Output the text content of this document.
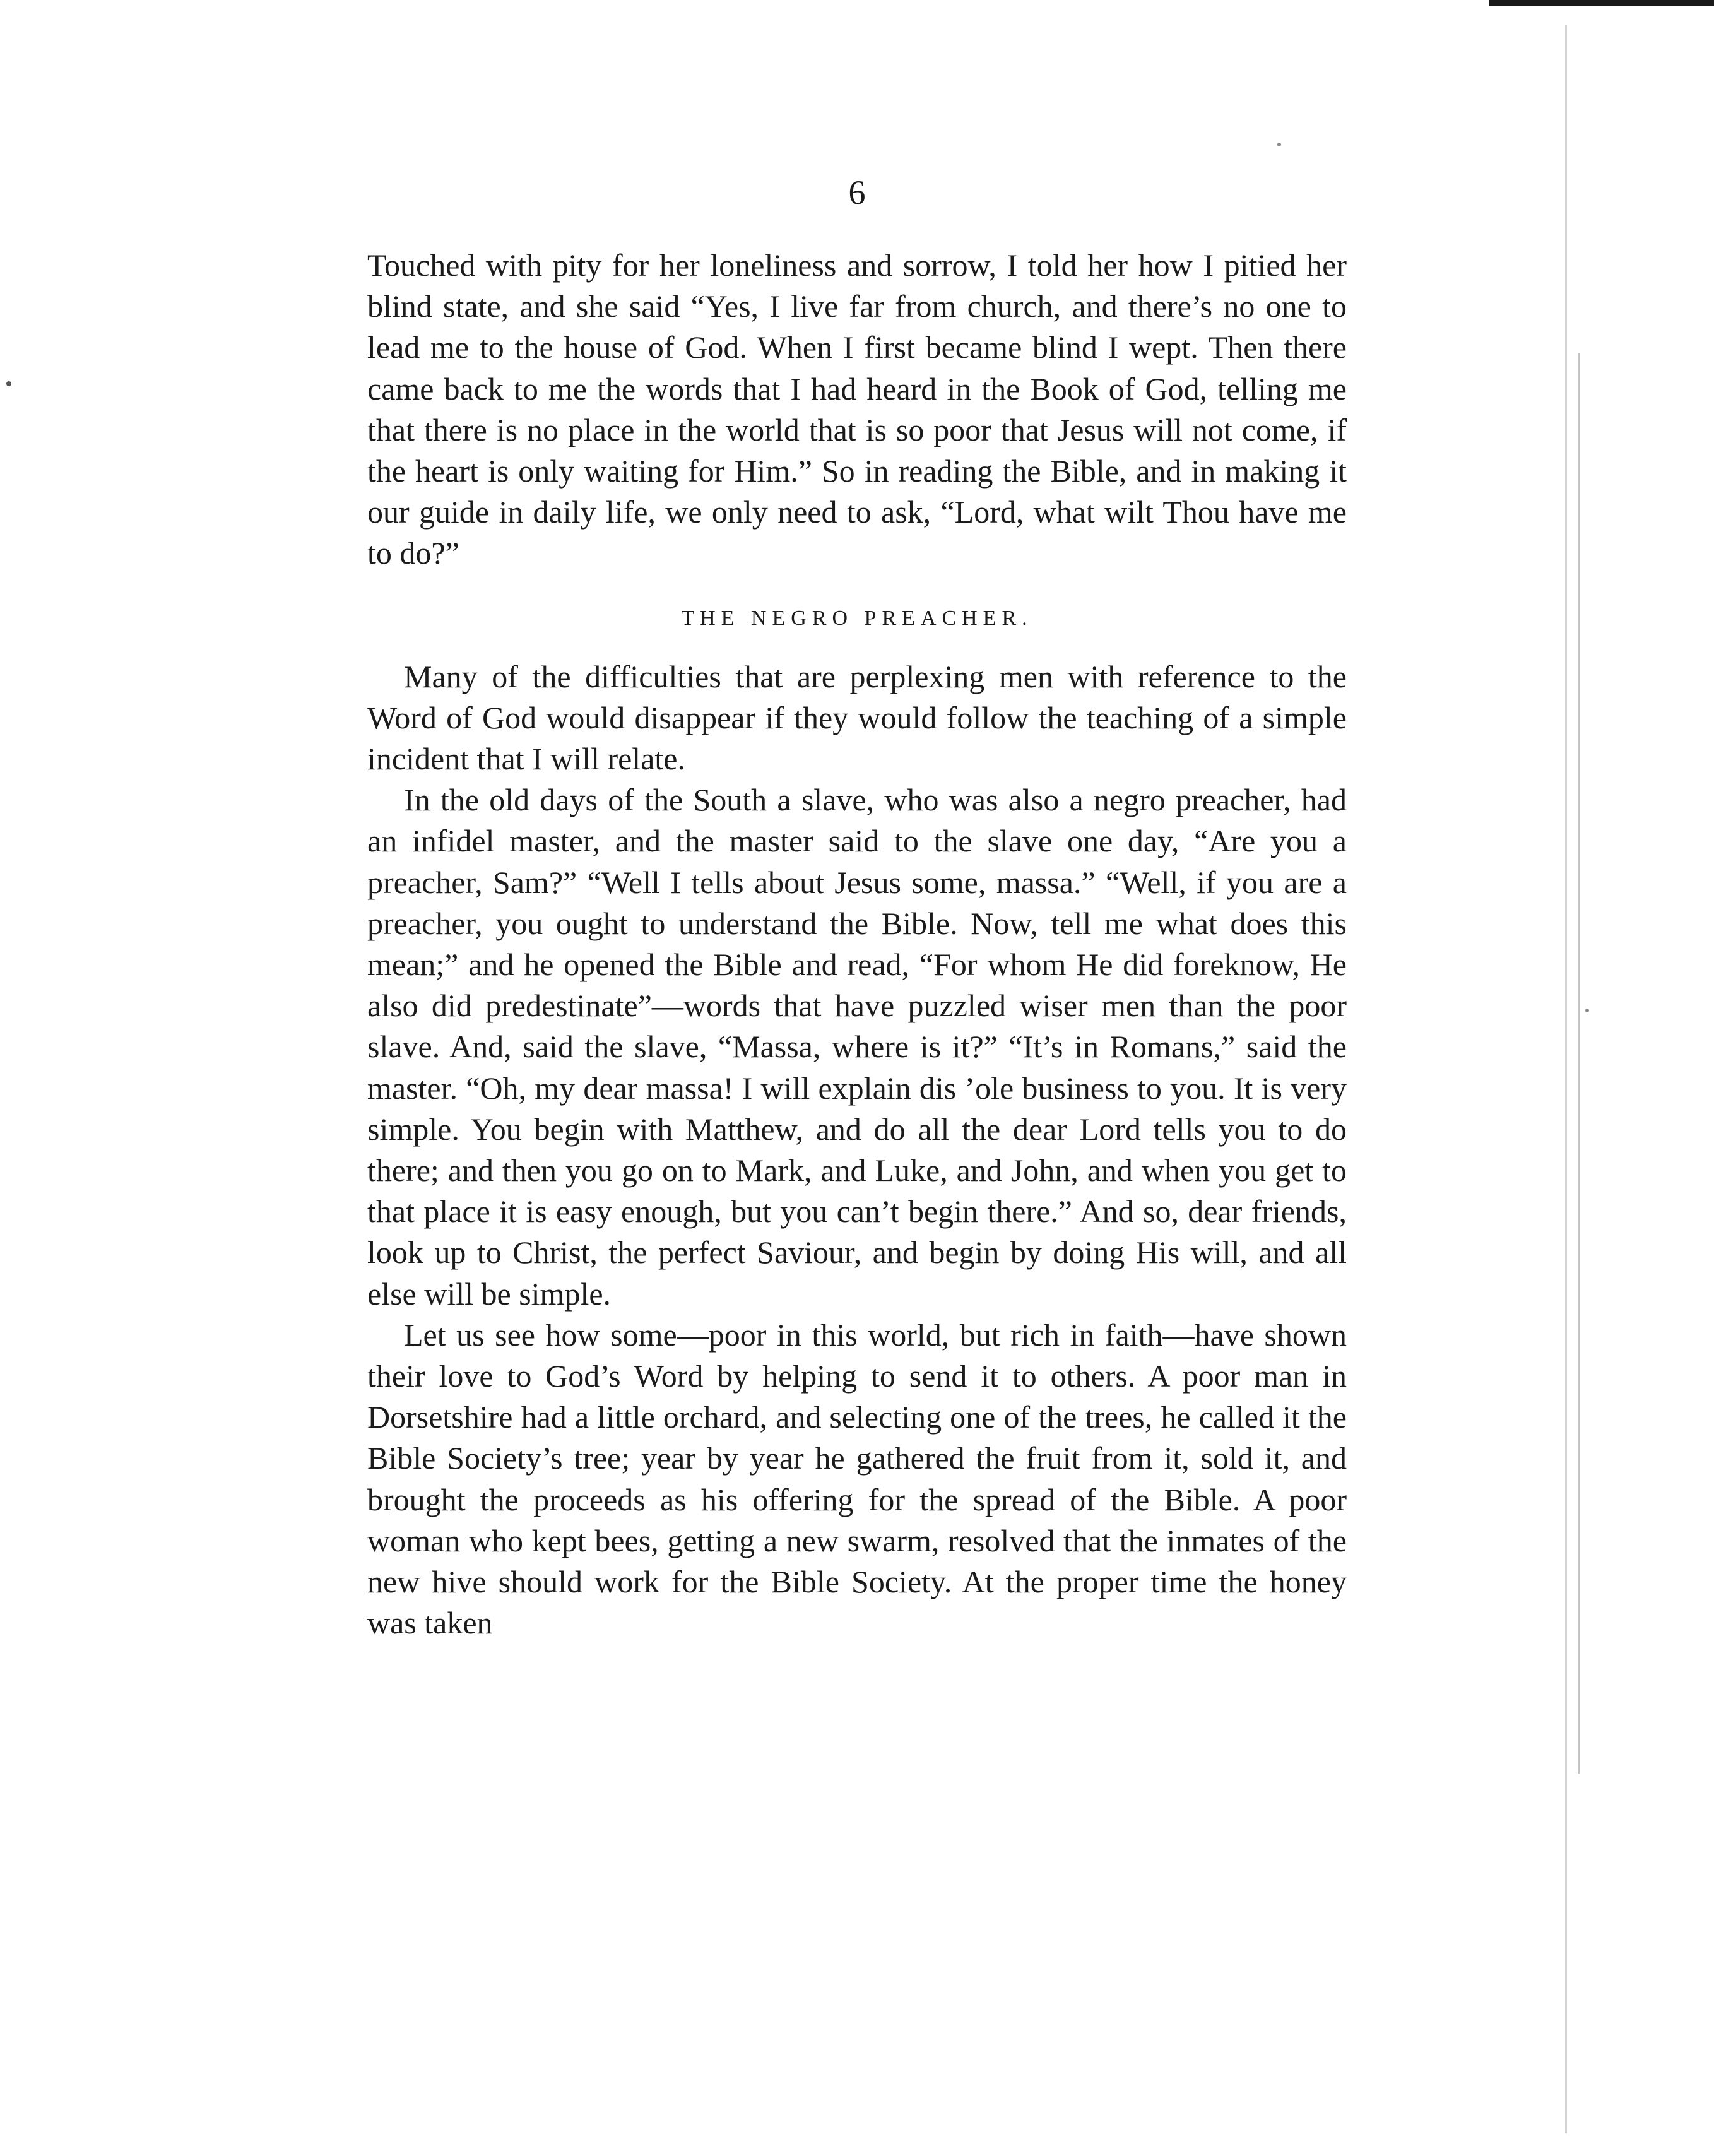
6

Touched with pity for her loneliness and sorrow, I told her how I pitied her blind state, and she said “Yes, I live far from church, and there’s no one to lead me to the house of God. When I first became blind I wept. Then there came back to me the words that I had heard in the Book of God, telling me that there is no place in the world that is so poor that Jesus will not come, if the heart is only waiting for Him.” So in reading the Bible, and in making it our guide in daily life, we only need to ask, “Lord, what wilt Thou have me to do?”

THE NEGRO PREACHER.

Many of the difficulties that are perplexing men with reference to the Word of God would disappear if they would follow the teaching of a simple incident that I will relate.

In the old days of the South a slave, who was also a negro preacher, had an infidel master, and the master said to the slave one day, “Are you a preacher, Sam?” “Well I tells about Jesus some, massa.” “Well, if you are a preacher, you ought to understand the Bible. Now, tell me what does this mean;” and he opened the Bible and read, “For whom He did foreknow, He also did predestinate”—words that have puzzled wiser men than the poor slave. And, said the slave, “Massa, where is it?” “It’s in Romans,” said the master. “Oh, my dear massa! I will explain dis ’ole business to you. It is very simple. You begin with Matthew, and do all the dear Lord tells you to do there; and then you go on to Mark, and Luke, and John, and when you get to that place it is easy enough, but you can’t begin there.” And so, dear friends, look up to Christ, the perfect Saviour, and begin by doing His will, and all else will be simple.

Let us see how some—poor in this world, but rich in faith—have shown their love to God’s Word by helping to send it to others. A poor man in Dorsetshire had a little orchard, and selecting one of the trees, he called it the Bible Society’s tree; year by year he gathered the fruit from it, sold it, and brought the proceeds as his offering for the spread of the Bible. A poor woman who kept bees, getting a new swarm, resolved that the inmates of the new hive should work for the Bible Society. At the proper time the honey was taken
